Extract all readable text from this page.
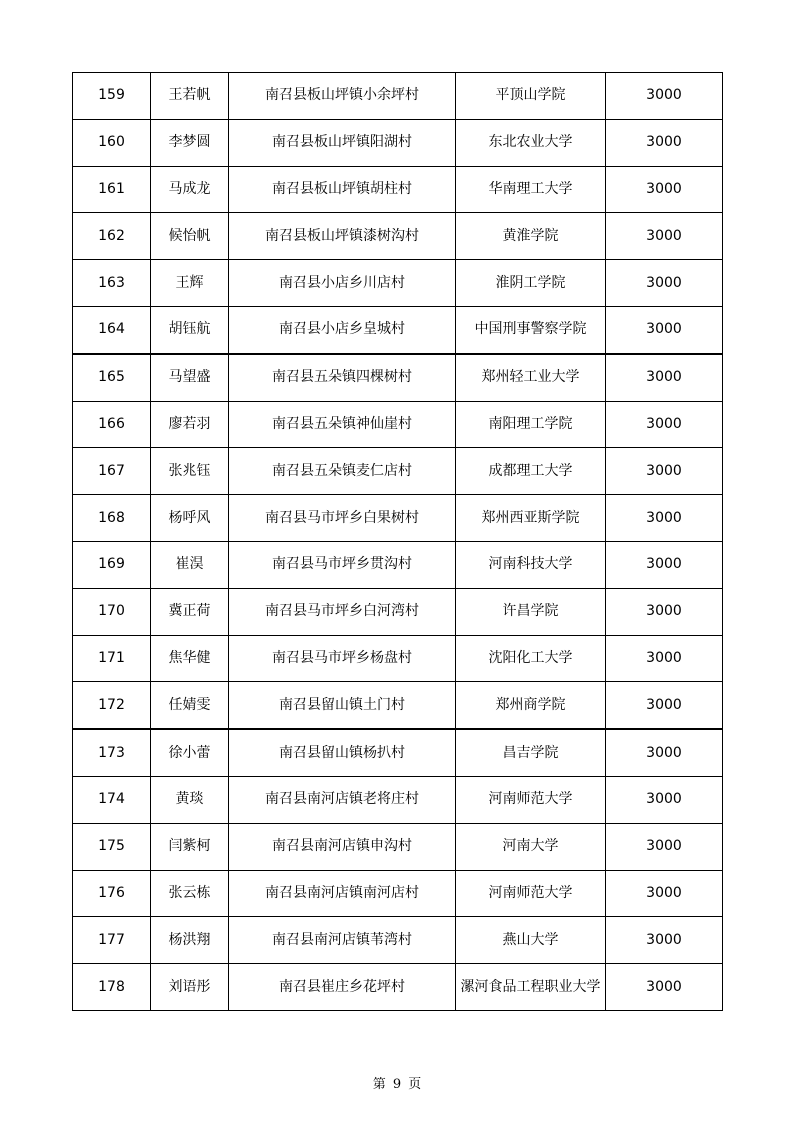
159	王若帆	南召县板山坪镇小余坪村	平顶山学院	3000
160	李梦圆	南召县板山坪镇阳湖村	东北农业大学	3000
161	马成龙	南召县板山坪镇胡柱村	华南理工大学	3000
162	候怡帆	南召县板山坪镇漆树沟村	黄淮学院	3000
163	王辉	南召县小店乡川店村	淮阴工学院	3000
164	胡钰航	南召县小店乡皇城村	中国刑事警察学院	3000
165	马望盛	南召县五朵镇四棵树村	郑州轻工业大学	3000
166	廖若羽	南召县五朵镇神仙崖村	南阳理工学院	3000
167	张兆钰	南召县五朵镇麦仁店村	成都理工大学	3000
168	杨呼风	南召县马市坪乡白果树村	郑州西亚斯学院	3000
169	崔淏	南召县马市坪乡贯沟村	河南科技大学	3000
170	冀正荷	南召县马市坪乡白河湾村	许昌学院	3000
171	焦华健	南召县马市坪乡杨盘村	沈阳化工大学	3000
172	任婧雯	南召县留山镇土门村	郑州商学院	3000
173	徐小蕾	南召县留山镇杨扒村	昌吉学院	3000
174	黄琰	南召县南河店镇老将庄村	河南师范大学	3000
175	闫紫柯	南召县南河店镇申沟村	河南大学	3000
176	张云栋	南召县南河店镇南河店村	河南师范大学	3000
177	杨洪翔	南召县南河店镇苇湾村	燕山大学	3000
178	刘语彤	南召县崔庄乡花坪村	漯河食品工程职业大学	3000
第 9 页
